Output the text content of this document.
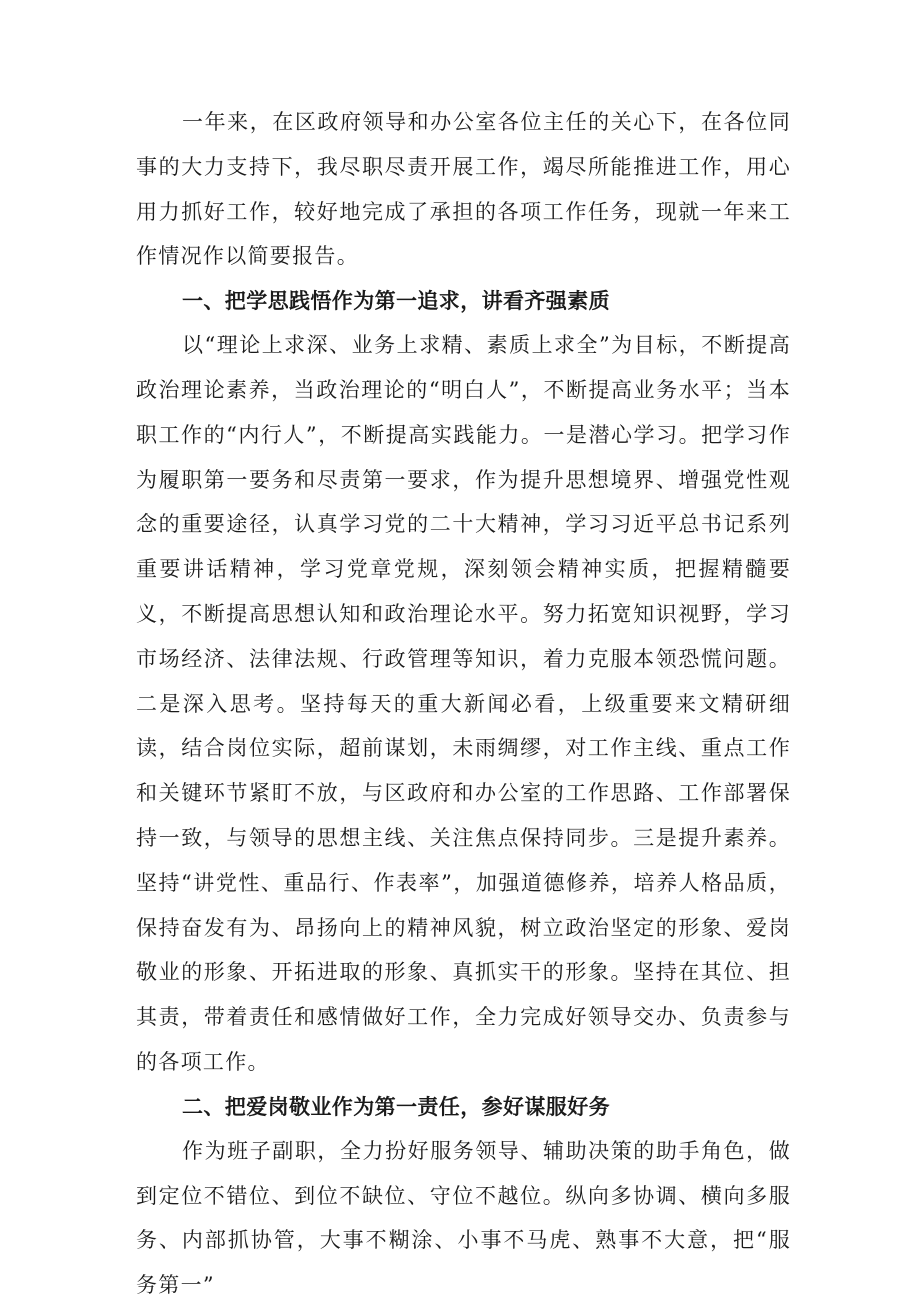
一年来，在区政府领导和办公室各位主任的关心下，在各位同事的大力支持下，我尽职尽责开展工作，竭尽所能推进工作，用心用力抓好工作，较好地完成了承担的各项工作任务，现就一年来工作情况作以简要报告。

一、把学思践悟作为第一追求，讲看齐强素质

以“理论上求深、业务上求精、素质上求全”为目标，不断提高政治理论素养，当政治理论的“明白人”，不断提高业务水平；当本职工作的“内行人”，不断提高实践能力。一是潜心学习。把学习作为履职第一要务和尽责第一要求，作为提升思想境界、增强党性观念的重要途径，认真学习党的二十大精神，学习习近平总书记系列重要讲话精神，学习党章党规，深刻领会精神实质，把握精髓要义，不断提高思想认知和政治理论水平。努力拓宽知识视野，学习市场经济、法律法规、行政管理等知识，着力克服本领恐慌问题。二是深入思考。坚持每天的重大新闻必看，上级重要来文精研细读，结合岗位实际，超前谋划，未雨绸缪，对工作主线、重点工作和关键环节紧盯不放，与区政府和办公室的工作思路、工作部署保持一致，与领导的思想主线、关注焦点保持同步。三是提升素养。坚持“讲党性、重品行、作表率”，加强道德修养，培养人格品质，保持奋发有为、昂扬向上的精神风貌，树立政治坚定的形象、爱岗敬业的形象、开拓进取的形象、真抓实干的形象。坚持在其位、担其责，带着责任和感情做好工作，全力完成好领导交办、负责参与的各项工作。

二、把爱岗敬业作为第一责任，参好谋服好务

作为班子副职，全力扮好服务领导、辅助决策的助手角色，做到定位不错位、到位不缺位、守位不越位。纵向多协调、横向多服务、内部抓协管，大事不糊涂、小事不马虎、熟事不大意，把“服务第一”
